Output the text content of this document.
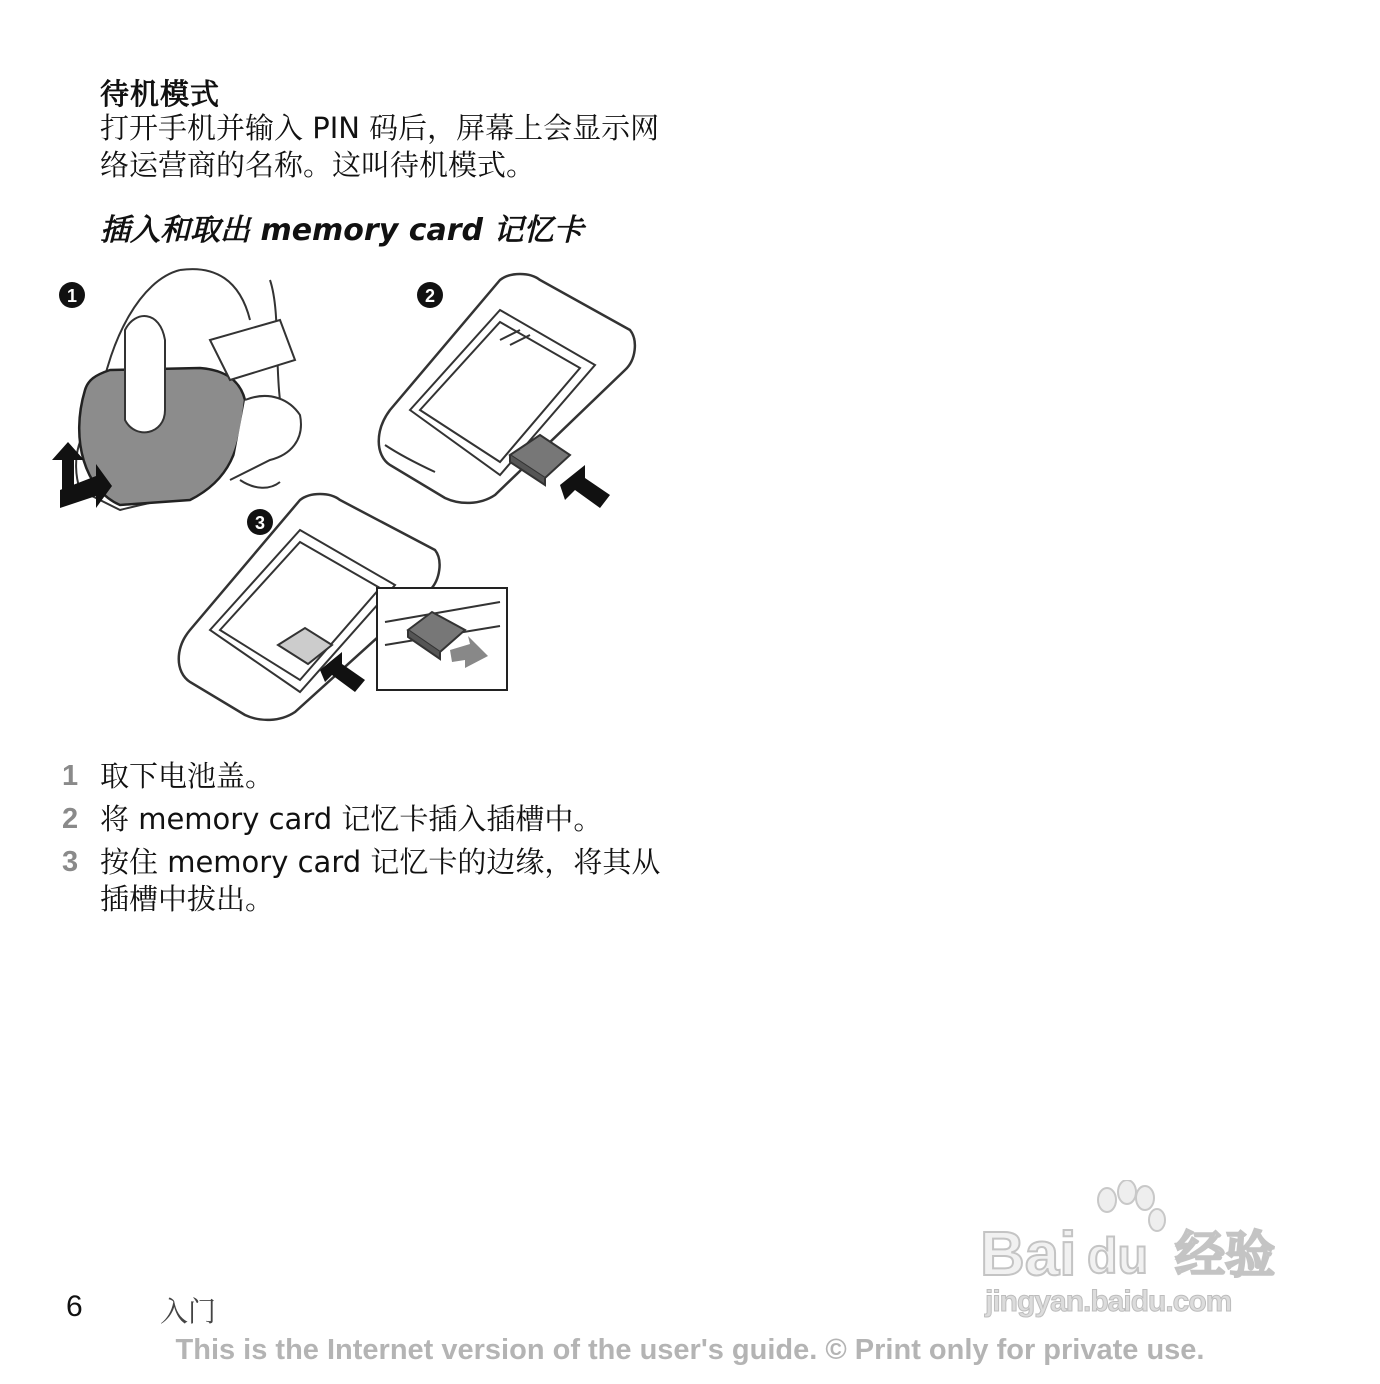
待机模式
打开手机并输入 PIN 码后，屏幕上会显示网络运营商的名称。这叫待机模式。
插入和取出 memory card 记忆卡
1	2
3
1 取下电池盖。
2 将 memory card 记忆卡插入插槽中。
3 按住 memory card 记忆卡的边缘，将其从插槽中拔出。
Bai du 经验
jingyan.baidu.com
6	入门
This is the Internet version of the user's guide. © Print only for private use.
